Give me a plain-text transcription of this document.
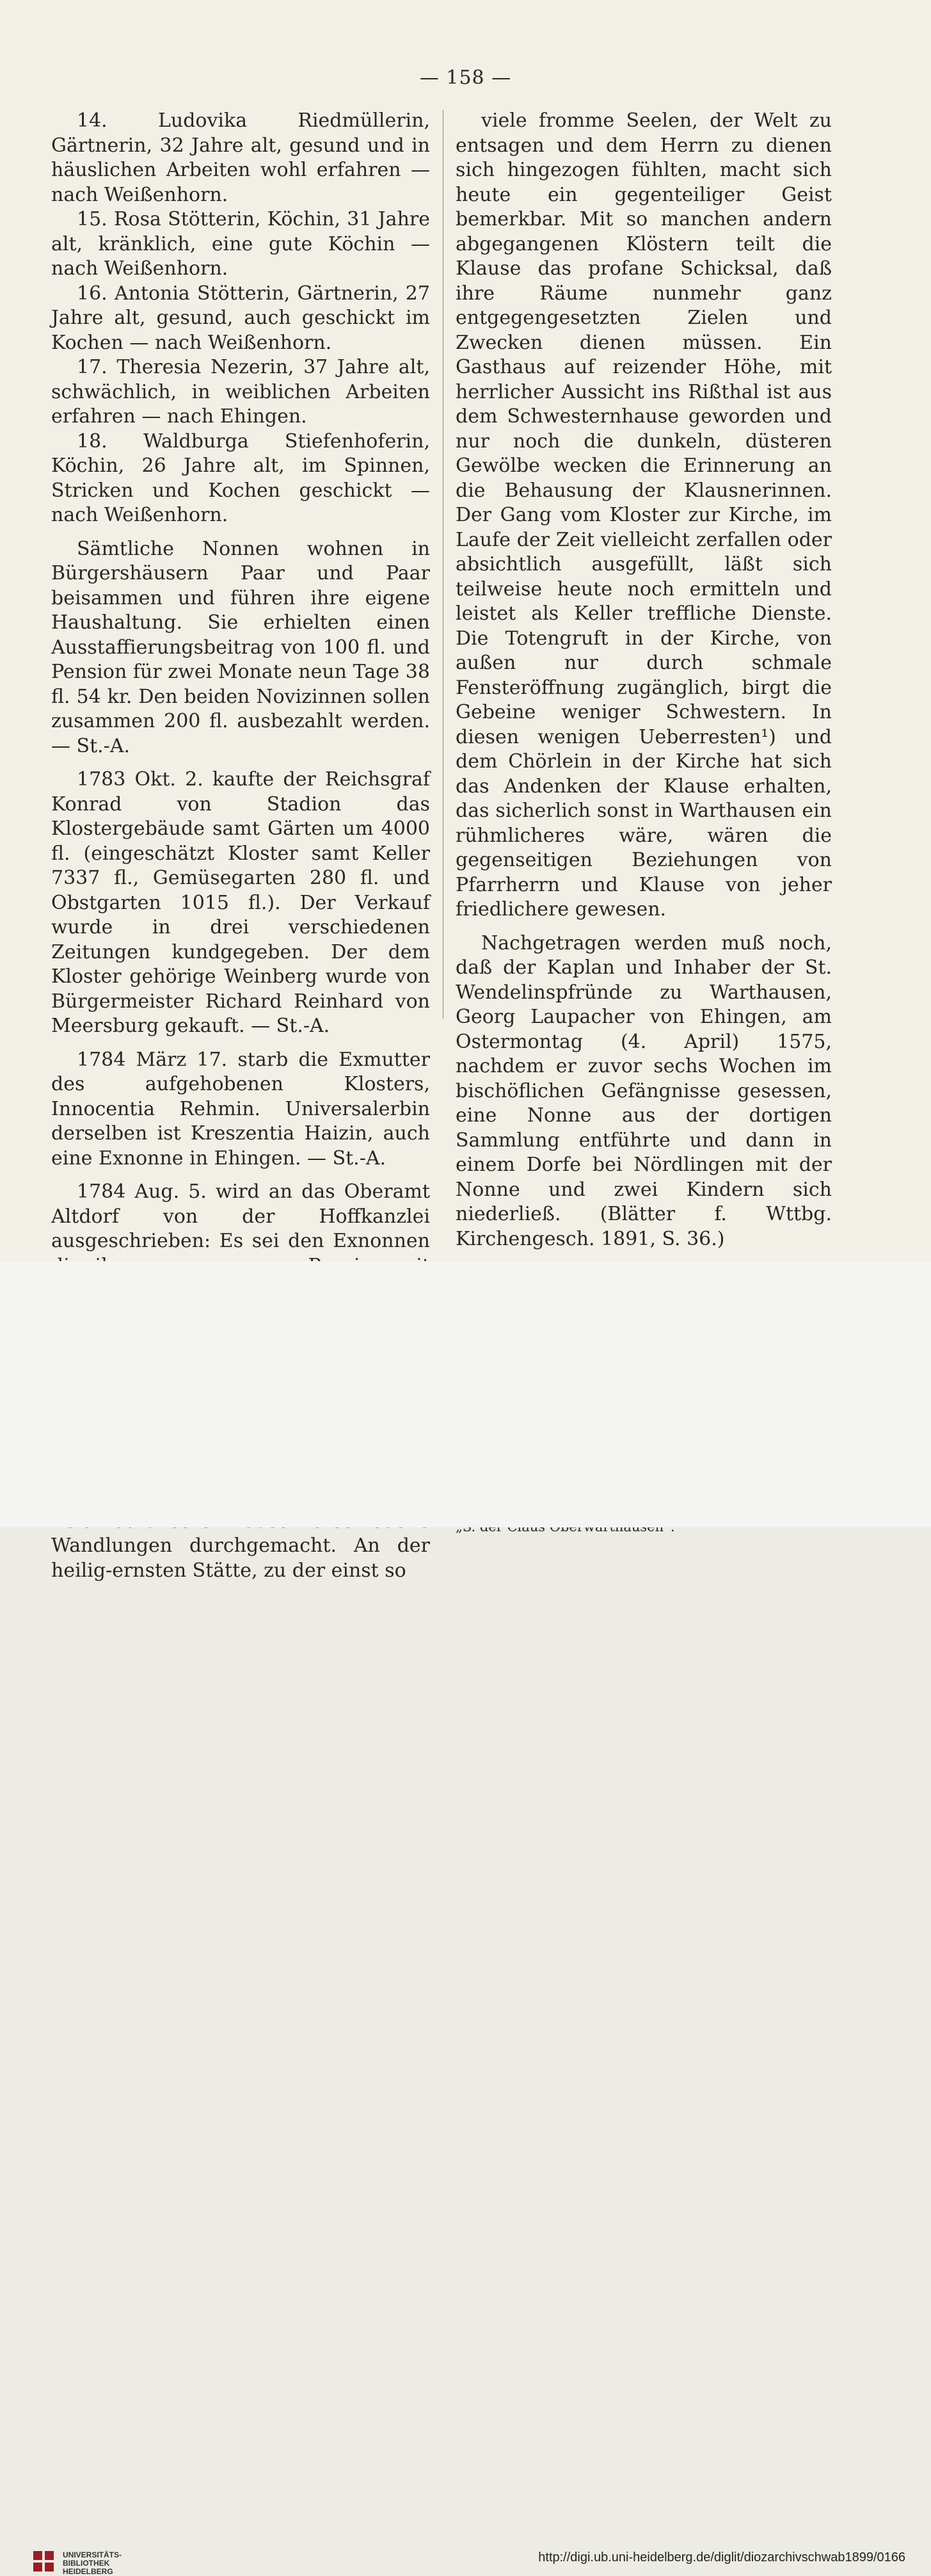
— 158 —

14. Ludovika Riedmüllerin, Gärtnerin, 32 Jahre alt, gesund und in häuslichen Arbeiten wohl erfahren — nach Weißenhorn.

15. Rosa Stötterin, Köchin, 31 Jahre alt, kränklich, eine gute Köchin — nach Weißenhorn.

16. Antonia Stötterin, Gärtnerin, 27 Jahre alt, gesund, auch geschickt im Kochen — nach Weißenhorn.

17. Theresia Nezerin, 37 Jahre alt, schwächlich, in weiblichen Arbeiten erfahren — nach Ehingen.

18. Waldburga Stiefenhoferin, Köchin, 26 Jahre alt, im Spinnen, Stricken und Kochen geschickt — nach Weißenhorn.

Sämtliche Nonnen wohnen in Bürgershäusern Paar und Paar beisammen und führen ihre eigene Haushaltung. Sie erhielten einen Ausstaffierungsbeitrag von 100 fl. und Pension für zwei Monate neun Tage 38 fl. 54 kr. Den beiden Novizinnen sollen zusammen 200 fl. ausbezahlt werden. — St.-A.

1783 Okt. 2. kaufte der Reichsgraf Konrad von Stadion das Klostergebäude samt Gärten um 4000 fl. (eingeschätzt Kloster samt Keller 7337 fl., Gemüsegarten 280 fl. und Obstgarten 1015 fl.). Der Verkauf wurde in drei verschiedenen Zeitungen kundgegeben. Der dem Kloster gehörige Weinberg wurde von Bürgermeister Richard Reinhard von Meersburg gekauft. — St.-A.

1784 März 17. starb die Exmutter des aufgehobenen Klosters, Innocentia Rehmin. Universalerbin derselben ist Kreszentia Haizin, auch eine Exnonne in Ehingen. — St.-A.

1784 Aug. 5. wird an das Oberamt Altdorf von der Hoffkanzlei ausgeschrieben: Es sei den Exnonnen

Wandlungen durchgemacht. An der heilig-ernsten Stätte, zu der einst so

viele fromme Seelen, der Welt zu entsagen und dem Herrn zu dienen sich hingezogen fühlten, macht sich heute ein gegenteiliger Geist bemerkbar. Mit so manchen andern abgegangenen Klöstern teilt die Klause das profane Schicksal, daß ihre Räume nunmehr ganz entgegengesetzten Zielen und Zwecken dienen müssen. Ein Gasthaus auf reizender Höhe, mit herrlicher Aussicht ins Rißthal ist aus dem Schwesternhause geworden und nur noch die dunkeln, düsteren Gewölbe wecken die Erinnerung an die Behausung der Klausnerinnen. Der Gang vom Kloster zur Kirche, im Laufe der Zeit vielleicht zerfallen oder absichtlich ausgefüllt, läßt sich teilweise heute noch ermitteln und leistet als Keller treffliche Dienste. Die Totengruft in der Kirche, von außen nur durch schmale Fensteröffnung zugänglich, birgt die Gebeine weniger Schwestern. In diesen wenigen Ueberresten¹) und dem Chörlein in der Kirche hat sich das Andenken der Klause erhalten, das sicherlich sonst in Warthausen ein rühmlicheres wäre, wären die gegenseitigen Beziehungen von Pfarrherrn und Klause von jeher friedlichere gewesen.

Nachgetragen werden muß noch, daß der Kaplan und Inhaber der St. Wendelinspfründe zu Warthausen, Georg Laupacher von Ehingen, am Ostermontag (4. April) 1575, nachdem er zuvor sechs Wochen im bischöflichen Gefängnisse gesessen, eine Nonne aus der dortigen Sammlung entführte und dann in einem Dorfe bei Nördlingen mit der Nonne und zwei Kindern sich niederließ. (Blätter f. Wttbg. Kirchengesch. 1891, S. 36.)

UNIVERSITÄTS-
BIBLIOTHEK
HEIDELBERG
http://digi.ub.uni-heidelberg.de/diglit/diozarchivschwab1899/0166
